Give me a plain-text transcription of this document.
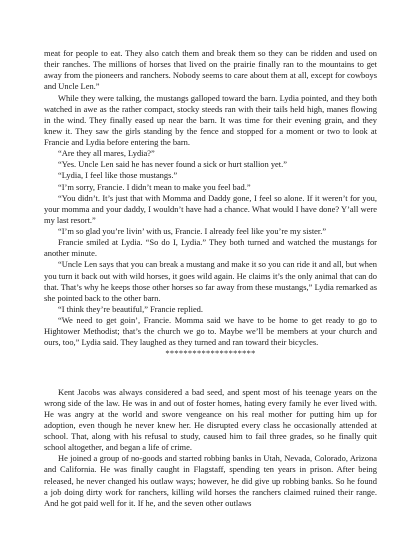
meat for people to eat. They also catch them and break them so they can be ridden and used on their ranches. The millions of horses that lived on the prairie finally ran to the mountains to get away from the pioneers and ranchers. Nobody seems to care about them at all, except for cowboys and Uncle Len.”

While they were talking, the mustangs galloped toward the barn. Lydia pointed, and they both watched in awe as the rather compact, stocky steeds ran with their tails held high, manes flowing in the wind. They finally eased up near the barn. It was time for their evening grain, and they knew it. They saw the girls standing by the fence and stopped for a moment or two to look at Francie and Lydia before entering the barn.

“Are they all mares, Lydia?”

“Yes. Uncle Len said he has never found a sick or hurt stallion yet.”

“Lydia, I feel like those mustangs.”

“I’m sorry, Francie. I didn’t mean to make you feel bad.”

“You didn’t. It’s just that with Momma and Daddy gone, I feel so alone. If it weren’t for you, your momma and your daddy, I wouldn’t have had a chance. What would I have done? Y’all were my last resort.”

“I’m so glad you’re livin’ with us, Francie. I already feel like you’re my sister.”

Francie smiled at Lydia. “So do I, Lydia.” They both turned and watched the mustangs for another minute.

“Uncle Len says that you can break a mustang and make it so you can ride it and all, but when you turn it back out with wild horses, it goes wild again. He claims it’s the only animal that can do that. That’s why he keeps those other horses so far away from these mustangs,” Lydia remarked as she pointed back to the other barn.

“I think they’re beautiful,” Francie replied.

“We need to get goin’, Francie. Momma said we have to be home to get ready to go to Hightower Methodist; that’s the church we go to. Maybe we’ll be members at your church and ours, too,” Lydia said. They laughed as they turned and ran toward their bicycles.

********************

Kent Jacobs was always considered a bad seed, and spent most of his teenage years on the wrong side of the law. He was in and out of foster homes, hating every family he ever lived with. He was angry at the world and swore vengeance on his real mother for putting him up for adoption, even though he never knew her. He disrupted every class he occasionally attended at school. That, along with his refusal to study, caused him to fail three grades, so he finally quit school altogether, and began a life of crime.

He joined a group of no-goods and started robbing banks in Utah, Nevada, Colorado, Arizona and California. He was finally caught in Flagstaff, spending ten years in prison. After being released, he never changed his outlaw ways; however, he did give up robbing banks. So he found a job doing dirty work for ranchers, killing wild horses the ranchers claimed ruined their range. And he got paid well for it. If he, and the seven other outlaws
